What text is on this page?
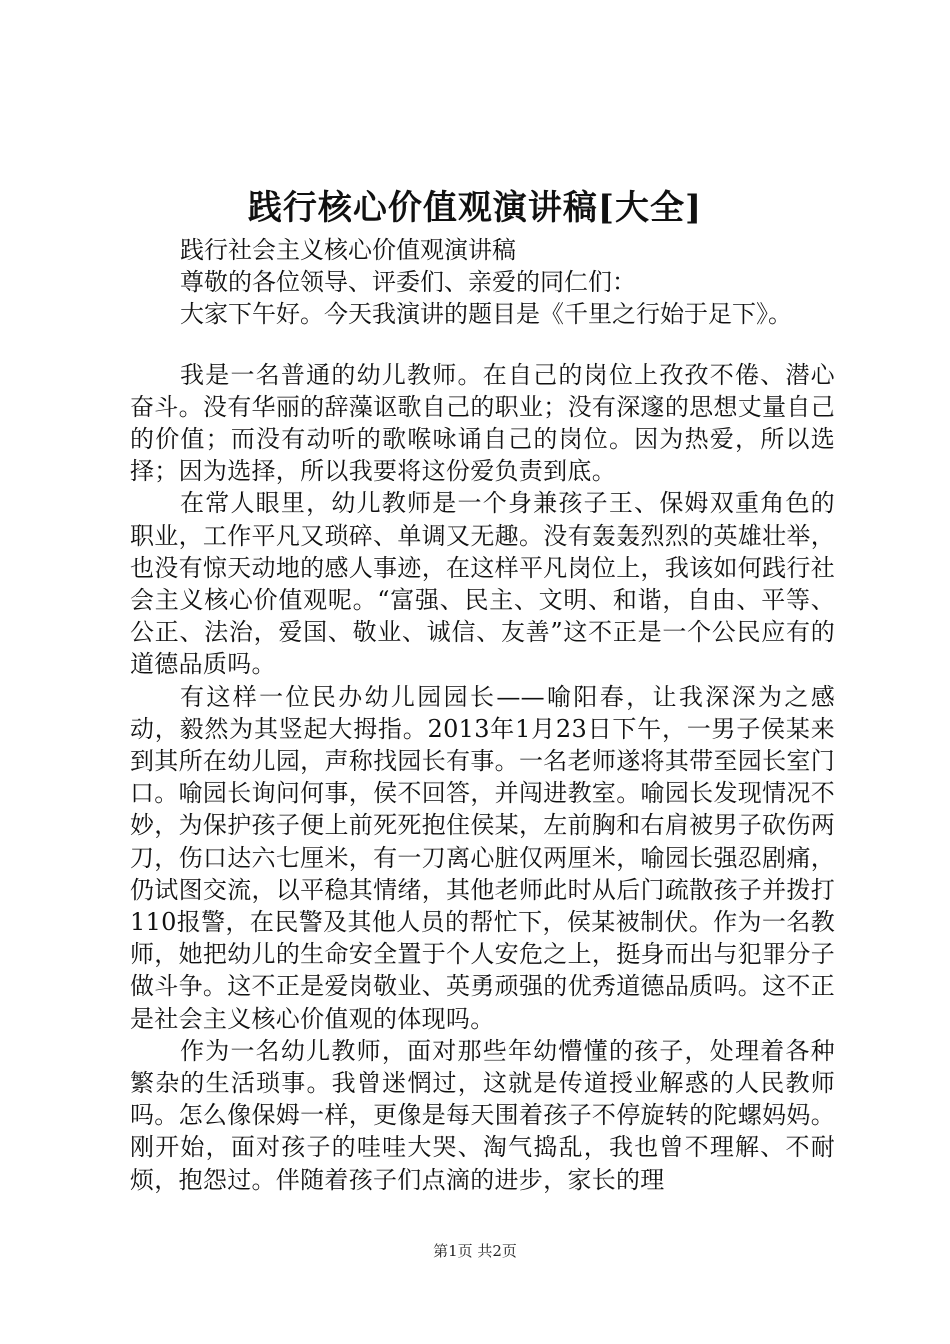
践行核心价值观演讲稿[大全]

践行社会主义核心价值观演讲稿

尊敬的各位领导、评委们、亲爱的同仁们：

大家下午好。今天我演讲的题目是《千里之行始于足下》。

我是一名普通的幼儿教师。在自己的岗位上孜孜不倦、潜心奋斗。没有华丽的辞藻讴歌自己的职业；没有深邃的思想丈量自己的价值；而没有动听的歌喉咏诵自己的岗位。因为热爱，所以选择；因为选择，所以我要将这份爱负责到底。

在常人眼里，幼儿教师是一个身兼孩子王、保姆双重角色的职业，工作平凡又琐碎、单调又无趣。没有轰轰烈烈的英雄壮举，也没有惊天动地的感人事迹，在这样平凡岗位上，我该如何践行社会主义核心价值观呢。“富强、民主、文明、和谐，自由、平等、公正、法治，爱国、敬业、诚信、友善”这不正是一个公民应有的道德品质吗。

有这样一位民办幼儿园园长——喻阳春，让我深深为之感动，毅然为其竖起大拇指。2013年1月23日下午，一男子侯某来到其所在幼儿园，声称找园长有事。一名老师遂将其带至园长室门口。喻园长询问何事，侯不回答，并闯进教室。喻园长发现情况不妙，为保护孩子便上前死死抱住侯某，左前胸和右肩被男子砍伤两刀，伤口达六七厘米，有一刀离心脏仅两厘米，喻园长强忍剧痛，仍试图交流，以平稳其情绪，其他老师此时从后门疏散孩子并拨打110报警，在民警及其他人员的帮忙下，侯某被制伏。作为一名教师，她把幼儿的生命安全置于个人安危之上，挺身而出与犯罪分子做斗争。这不正是爱岗敬业、英勇顽强的优秀道德品质吗。这不正是社会主义核心价值观的体现吗。

作为一名幼儿教师，面对那些年幼懵懂的孩子，处理着各种繁杂的生活琐事。我曾迷惘过，这就是传道授业解惑的人民教师吗。怎么像保姆一样，更像是每天围着孩子不停旋转的陀螺妈妈。刚开始，面对孩子的哇哇大哭、淘气捣乱，我也曾不理解、不耐烦，抱怨过。伴随着孩子们点滴的进步，家长的理

第1页 共2页
